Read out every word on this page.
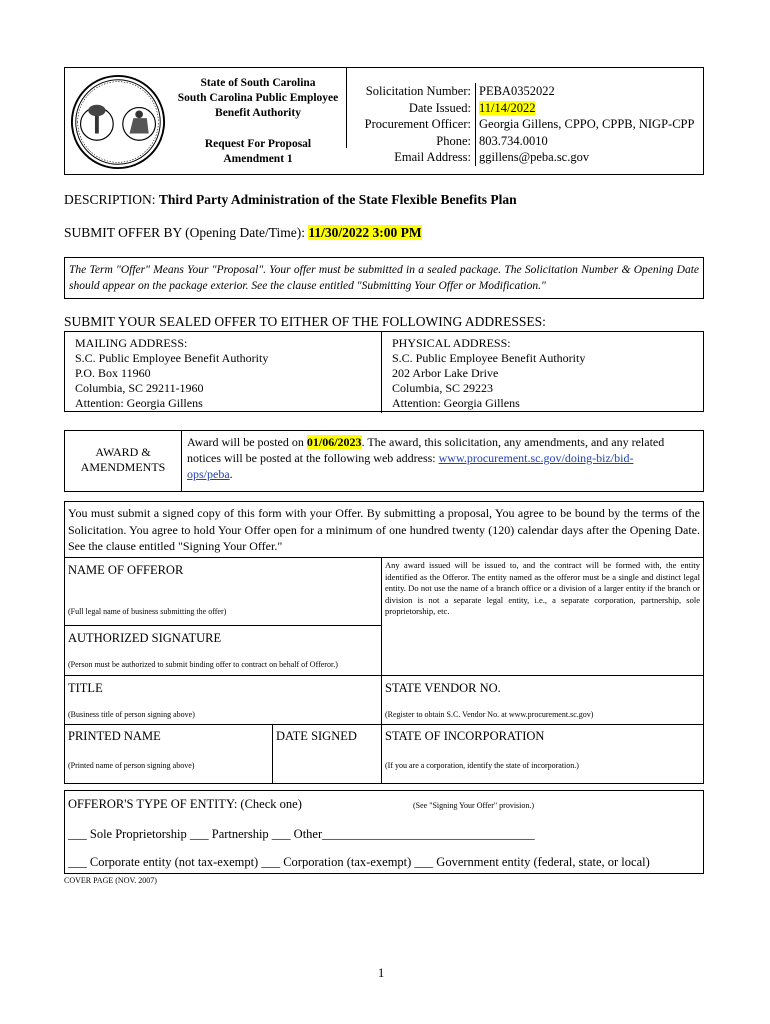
State of South Carolina
South Carolina Public Employee
Benefit Authority
Request For Proposal
Amendment 1
Solicitation Number: PEBA0352022
Date Issued: 11/14/2022
Procurement Officer: Georgia Gillens, CPPO, CPPB, NIGP-CPP
Phone: 803.734.0010
Email Address: ggillens@peba.sc.gov
DESCRIPTION: Third Party Administration of the State Flexible Benefits Plan
SUBMIT OFFER BY (Opening Date/Time): 11/30/2022 3:00 PM
The Term "Offer" Means Your "Proposal". Your offer must be submitted in a sealed package. The Solicitation Number & Opening Date should appear on the package exterior. See the clause entitled "Submitting Your Offer or Modification."
SUBMIT YOUR SEALED OFFER TO EITHER OF THE FOLLOWING ADDRESSES:
MAILING ADDRESS:
S.C. Public Employee Benefit Authority
P.O. Box 11960
Columbia, SC 29211-1960
Attention: Georgia Gillens
PHYSICAL ADDRESS:
S.C. Public Employee Benefit Authority
202 Arbor Lake Drive
Columbia, SC 29223
Attention: Georgia Gillens
AWARD &
AMENDMENTS
Award will be posted on 01/06/2023. The award, this solicitation, any amendments, and any related notices will be posted at the following web address: www.procurement.sc.gov/doing-biz/bid-
ops/peba.
You must submit a signed copy of this form with your Offer. By submitting a proposal, You agree to be bound by the terms of the Solicitation. You agree to hold Your Offer open for a minimum of one hundred twenty (120) calendar days after the Opening Date. See the clause entitled "Signing Your Offer."
NAME OF OFFEROR
(Full legal name of business submitting the offer)
Any award issued will be issued to, and the contract will be formed with, the entity identified as the Offeror. The entity named as the offeror must be a single and distinct legal entity. Do not use the name of a branch office or a division of a larger entity if the branch or division is not a separate legal entity, i.e., a separate corporation, partnership, sole proprietorship, etc.
AUTHORIZED SIGNATURE
(Person must be authorized to submit binding offer to contract on behalf of Offeror.)
TITLE
(Business title of person signing above)
STATE VENDOR NO.
(Register to obtain S.C. Vendor No. at www.procurement.sc.gov)
PRINTED NAME
(Printed name of person signing above)
DATE SIGNED STATE OF INCORPORATION
(If you are a corporation, identify the state of incorporation.)
OFFEROR'S TYPE OF ENTITY: (Check one)	(See "Signing Your Offer" provision.)
___ Sole Proprietorship ___ Partnership ___ Other__________________________________
___ Corporate entity (not tax-exempt) ___ Corporation (tax-exempt) ___ Government entity (federal, state, or local)
COVER PAGE (NOV. 2007)
1
